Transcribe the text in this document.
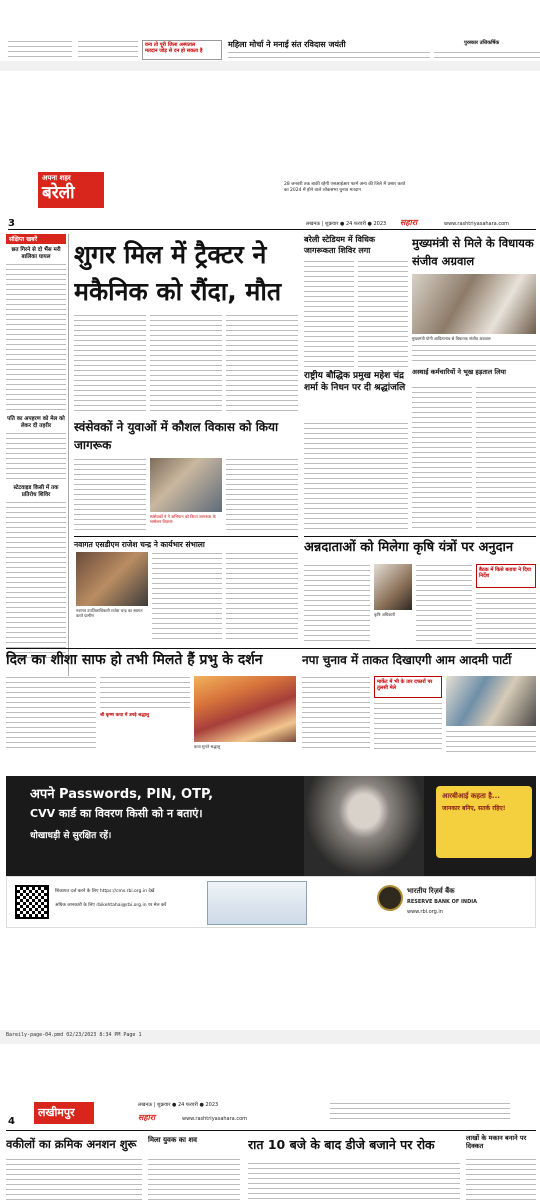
वन्य तो पूरी जिला अस्पताल
मतदान जोड़ से दन हो सकता है
महिला मोर्चा ने मनाई संत रविदास जयंती	पुरस्कार उत्तिकर्षिक
अपना शहर
बरेली
3
28 जनवरी तक बाकी रहेगी एसआईआर फार्म अन्य की जिले में प्रसार करते
का 2024 में होने वाले लोकसभा चुनाव मतदान
लखनऊ | शुक्रवार ● 24 फरवरी ● 2023 सहारा	www.rashtriyasahara.com
संक्षिप्त खबरें
छत गिरने से दो भैंस मरी बालिका घायल
पति का अपहरण को मेल को लेकर दी तहरीर
स्टेटवाइड किसी में तक प्रतिरोध शिविर
शुगर मिल में ट्रैक्टर ने मकैनिक को रौंदा, मौत
स्वंसेवकों ने युवाओं में कौशल विकास को किया जागरूक
स्वंसेवकों ने ने अभियान को किया जागरूक के सम्मेलन विवरण
नवागत एसडीएम राजेश चन्द्र ने कार्यभार संभाला
नवागत उपजिलाधिकारी राजेश चन्द्र का स्वागत करते ग्रामीण
बरेली स्टेडियम में विधिक जागरूकता शिविर लगा
मुख्यमंत्री से मिले के विधायक संजीव अग्रवाल
मुख्यमंत्री योगी आदित्यनाथ से विधायक संजीव अग्रवाल
राष्ट्रीय बौद्धिक प्रमुख महेश चंद्र शर्मा के निधन पर दी श्रद्धांजलि
अस्थाई कर्मचारियों ने भूख हड़ताल लिया
अन्नदाताओं को मिलेगा कृषि यंत्रों पर अनुदान
कृषि अधिकारी
बैठक में किसे बताया ने दिया निर्देश
दिल का शीशा साफ हो तभी मिलते हैं प्रभु के दर्शन
श्री कृष्ण कथा में उमड़े श्रद्धालु
कथा सुनते श्रद्धालु
नपा चुनाव में ताकत दिखाएगी आम आदमी पार्टी
मार्केट में भी के तार दफ्तरों पर तुलसी मेले
अपने Passwords, PIN, OTP,
CVV कार्ड का विवरण किसी को न बताएं।
धोखाधड़ी से सुरक्षित रहें।
आरबीआई कहता है...
जानकार बनिए, सतर्क रहिए!
शिकायत दर्ज करने के लिए https://cms.rbi.org.in देखें
अधिक जानकारी के लिए rbikehtahai@rbi.org.in पर मेल करें
भारतीय रिज़र्व बैंक
RESERVE BANK OF INDIA
www.rbi.org.in
Bareily-page-04.pmd 02/23/2023 8:34 PM Page 1
4
लखीमपुर
लखनऊ | शुक्रवार ● 24 फरवरी ● 2023
सहारा	www.rashtriyasahara.com
वकीलों का क्रमिक अनशन शुरू	मिला युवक का शव	रात 10 बजे के बाद डीजे बजाने पर रोक	लाखों के मकान बनाने पर दिक्कत
